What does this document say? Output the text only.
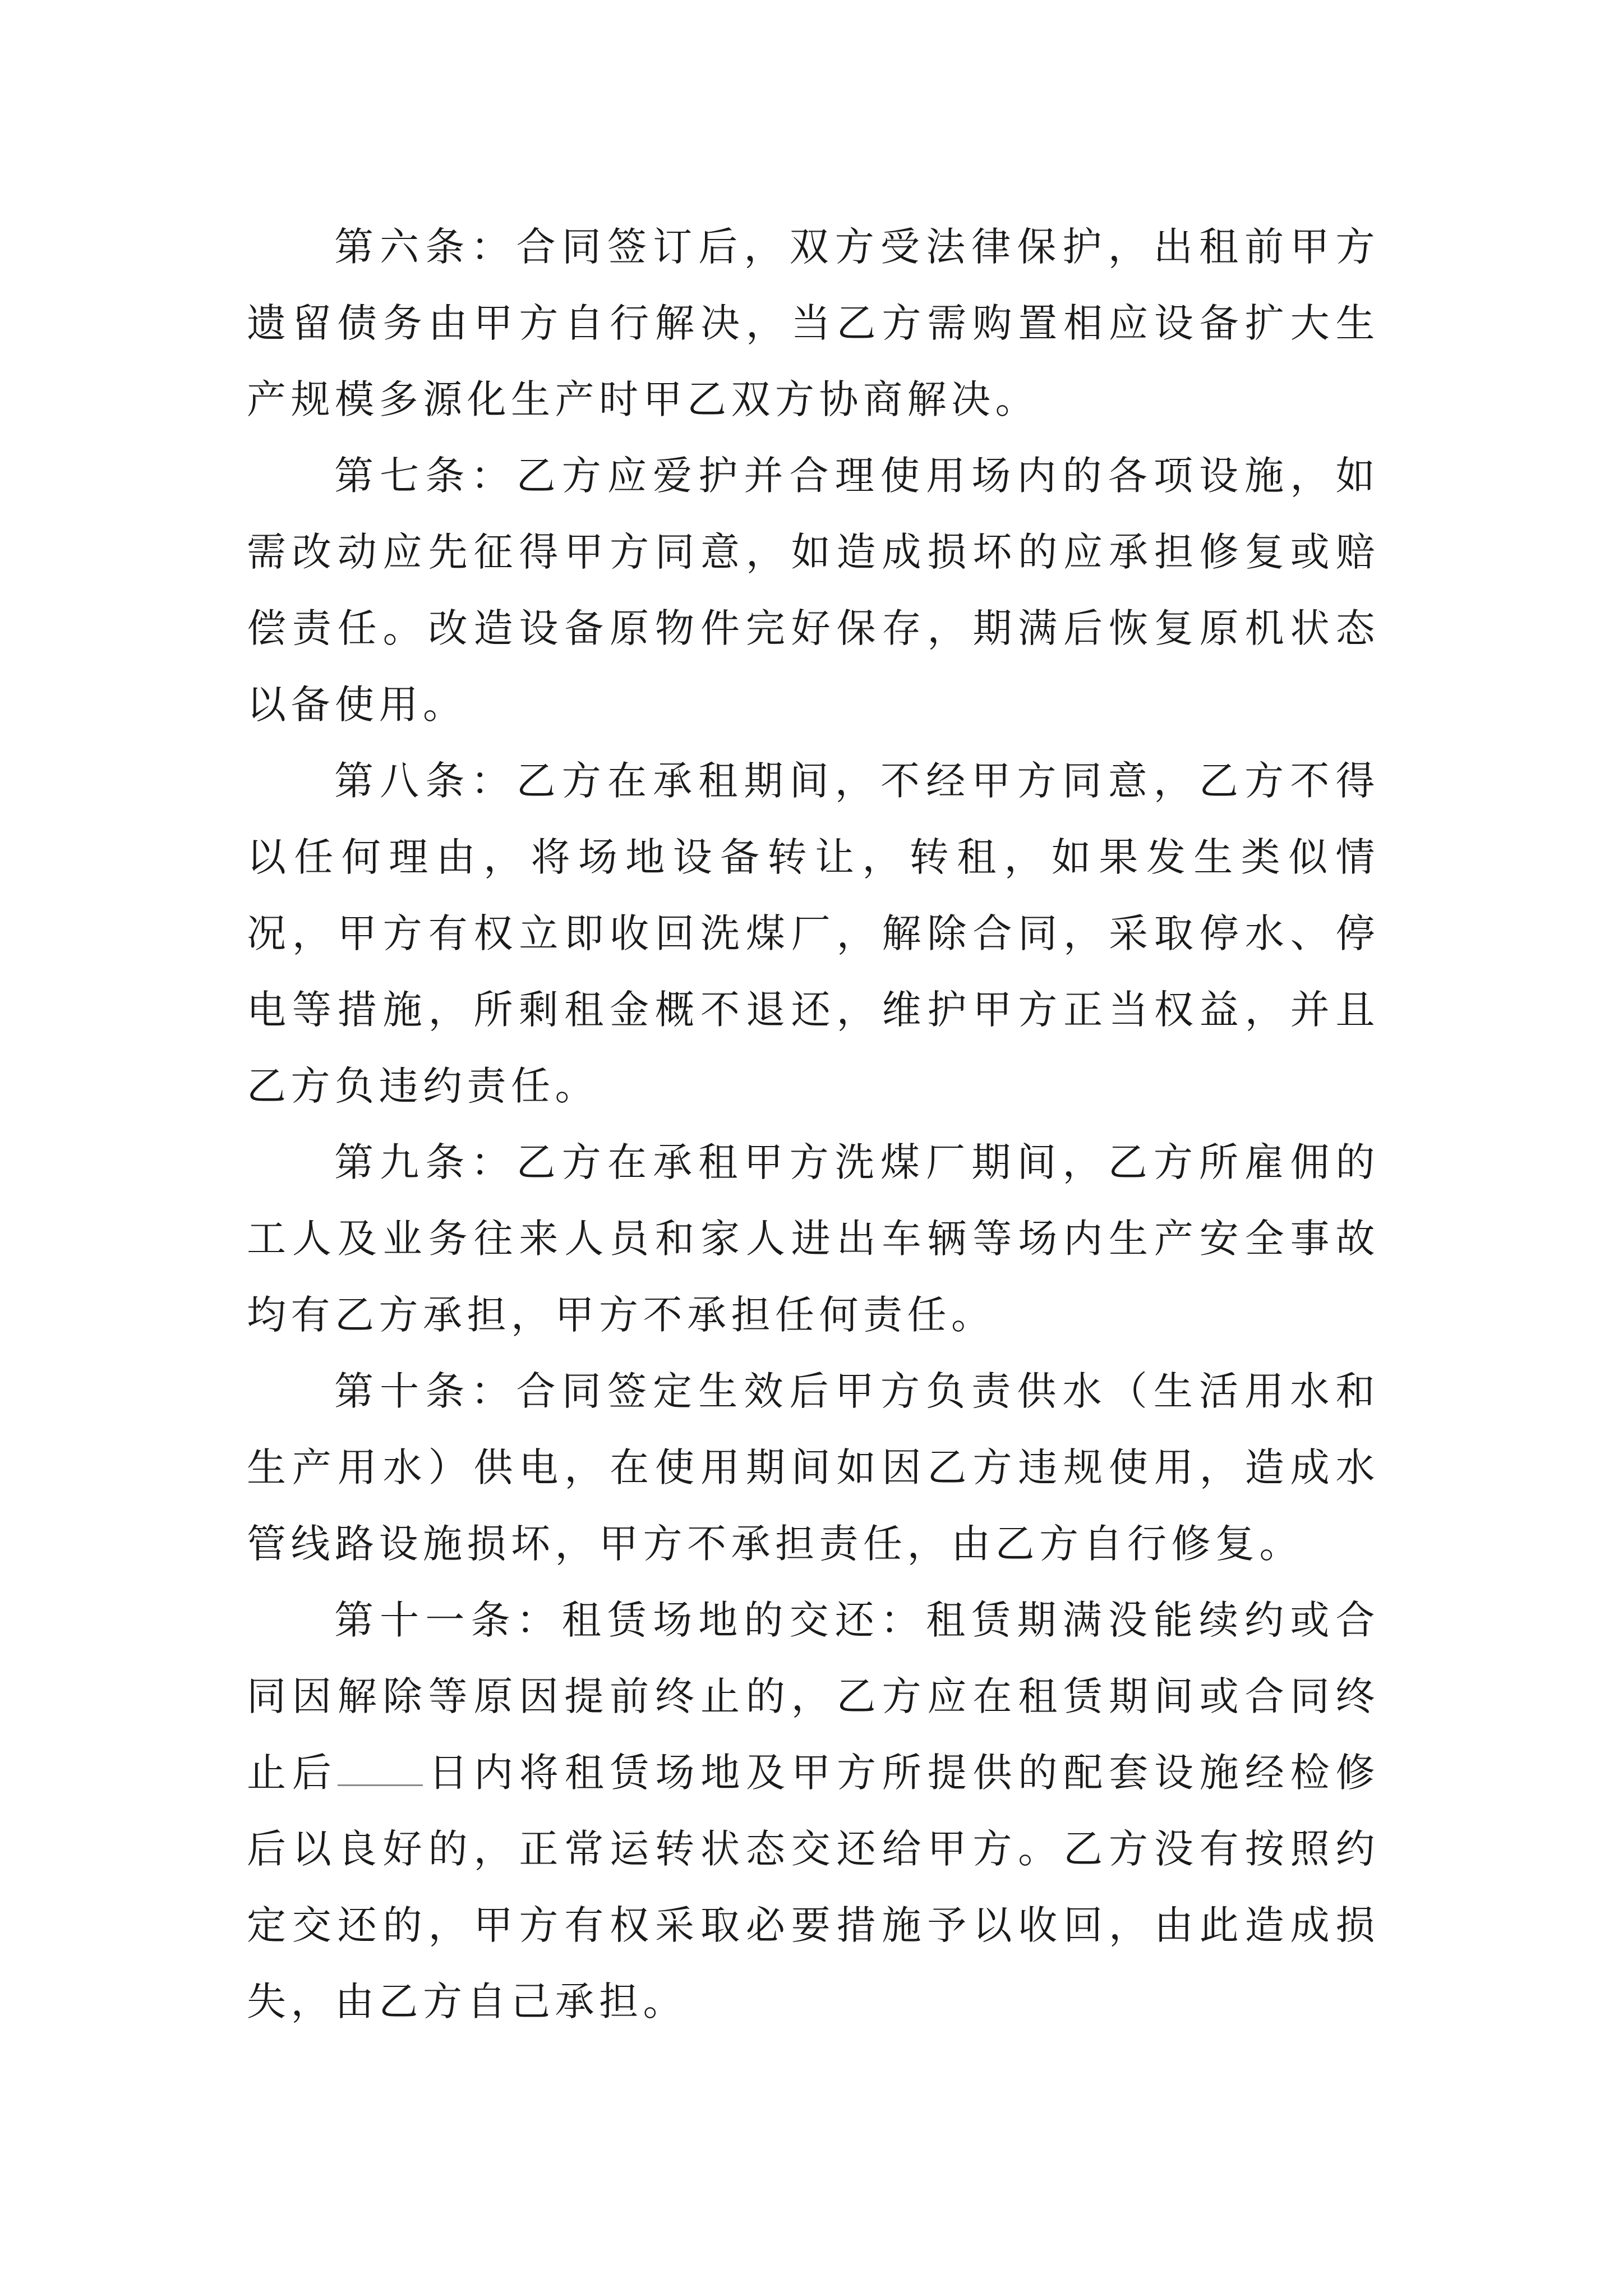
第六条：合同签订后，双方受法律保护，出租前甲方遗留债务由甲方自行解决，当乙方需购置相应设备扩大生产规模多源化生产时甲乙双方协商解决。

第七条：乙方应爱护并合理使用场内的各项设施，如需改动应先征得甲方同意，如造成损坏的应承担修复或赔偿责任。改造设备原物件完好保存，期满后恢复原机状态以备使用。

第八条：乙方在承租期间，不经甲方同意，乙方不得以任何理由，将场地设备转让，转租，如果发生类似情况，甲方有权立即收回洗煤厂，解除合同，采取停水、停电等措施，所剩租金概不退还，维护甲方正当权益，并且乙方负违约责任。

第九条：乙方在承租甲方洗煤厂期间，乙方所雇佣的工人及业务往来人员和家人进出车辆等场内生产安全事故均有乙方承担，甲方不承担任何责任。

第十条：合同签定生效后甲方负责供水（生活用水和生产用水）供电，在使用期间如因乙方违规使用，造成水管线路设施损坏，甲方不承担责任，由乙方自行修复。

第十一条：租赁场地的交还：租赁期满没能续约或合同因解除等原因提前终止的，乙方应在租赁期间或合同终止后 日内将租赁场地及甲方所提供的配套设施经检修后以良好的，正常运转状态交还给甲方。乙方没有按照约定交还的，甲方有权采取必要措施予以收回，由此造成损失，由乙方自己承担。
